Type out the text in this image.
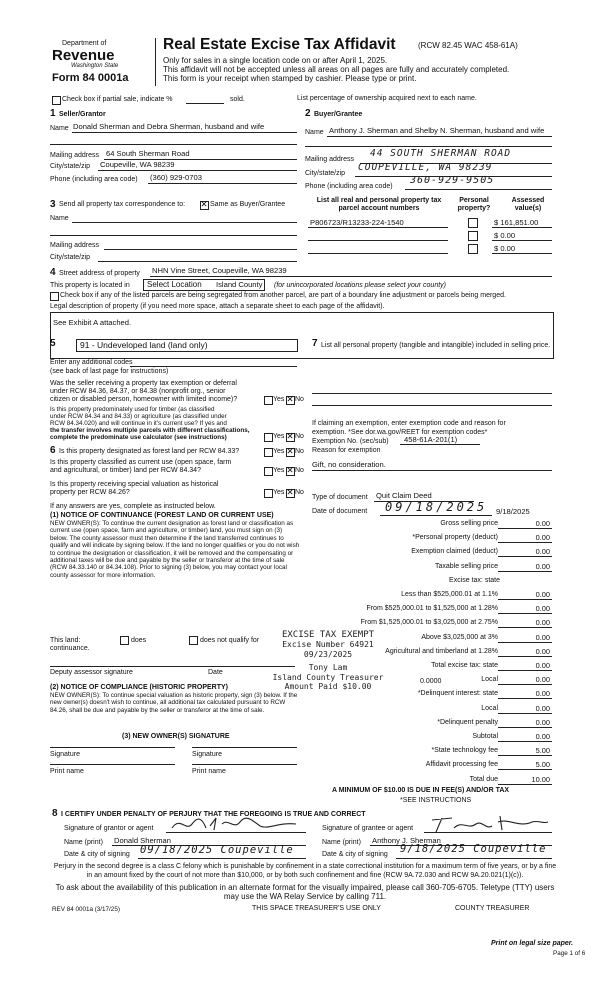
Department of
Revenue
Washington State
Form 84 0001a
Real Estate Excise Tax Affidavit	(RCW 82.45 WAC 458-61A)
Only for sales in a single location code on or after April 1, 2025.
This affidavit will not be accepted unless all areas on all pages are fully and accurately completed.
This form is your receipt when stamped by cashier. Please type or print.
Check box if partial sale, indicate %	sold.	List percentage of ownership acquired next to each name.
1 Seller/Grantor
Name Donald Sherman and Debra Sherman, husband and wife
Mailing address 64 South Sherman Road
City/state/zip Coupeville, WA 98239
Phone (including area code) (360) 929-0703
2 Buyer/Grantee
Name Anthony J. Sherman and Shelby N. Sherman, husband and wife
Mailing address
44 SOUTH SHERMAN ROAD
City/state/zip
COUPEVILLE, WA 98239
Phone (including area code)
360-929-9505
3 Send all property tax correspondence to: ✕	Same as Buyer/Grantee
Name
Mailing address
City/state/zip
List all real and personal property tax parcel account numbers
Personal property?
Assessed value(s)
P806723/R13233-224-1540	$ 161,851.00
$ 0.00
$ 0.00
4 Street address of property NHN Vine Street, Coupeville, WA 98239
This property is located in Select Location Island County (for unincorporated locations please select your county)
Check box if any of the listed parcels are being segregated from another parcel, are part of a boundary line adjustment or parcels being merged.
Legal description of property (if you need more space, attach a separate sheet to each page of the affidavit).
See Exhibit A attached.
5	91 - Undeveloped land (land only)
Enter any additional codes
(see back of last page for instructions)
Was the seller receiving a property tax exemption or deferral
under RCW 84.36, 84.37, or 84.38 (nonprofit org., senior
citizen or disabled person, homeowner with limited income)?	Yes ✕ No
Is this property predominately used for timber (as classified
under RCW 84.34 and 84.33) or agriculture (as classified under
RCW 84.34.020) and will continue in it's current use? If yes and
the transfer involves multiple parcels with different classifications,
complete the predominate use calculator (see instructions)	Yes ✕ No
6 Is this property designated as forest land per RCW 84.33?	Yes ✕ No
Is this property classified as current use (open space, farm
and agricultural, or timber) land per RCW 84.34?	Yes ✕ No
Is this property receiving special valuation as historical
property per RCW 84.26?	Yes ✕ No
If any answers are yes, complete as instructed below.
(1) NOTICE OF CONTINUANCE (FOREST LAND OR CURRENT USE)
NEW OWNER(S): To continue the current designation as forest land or classification as current use (open space, farm and agriculture, or timber) land, you must sign on (3) below. The county assessor must then determine if the land transferred continues to qualify and will indicate by signing below. If the land no longer qualifies or you do not wish to continue the designation or classification, it will be removed and the compensating or additional taxes will be due and payable by the seller or transferor at the time of sale (RCW 84.33.140 or 84.34.108). Prior to signing (3) below, you may contact your local county assessor for more information.
This land:
continuance.
does	does not qualify for
Deputy assessor signature	Date
(2) NOTICE OF COMPLIANCE (HISTORIC PROPERTY)
NEW OWNER(S): To continue special valuation as historic property, sign (3) below. If the new owner(s) doesn't wish to continue, all additional tax calculated pursuant to RCW 84.26, shall be due and payable by the seller or transferor at the time of sale.
(3) NEW OWNER(S) SIGNATURE
Signature	Signature
Print name	Print name
EXCISE TAX EXEMPT
Excise Number 64921
09/23/2025
Tony Lam
Island County Treasurer
Amount Paid $10.00
7 List all personal property (tangible and intangible) included in selling price.
If claiming an exemption, enter exemption code and reason for
exemption. *See dor.wa.gov/REET for exemption codes*
Exemption No. (sec/sub) 458-61A-201(1)
Reason for exemption
Gift, no consideration.
Type of document Quit Claim Deed
Date of document 09/18/2025 9/18/2025
Gross selling price	0.00
*Personal property (deduct)	0.00
Exemption claimed (deduct)	0.00
Taxable selling price	0.00
Excise tax: state
Less than $525,000.01 at 1.1%	0.00
From $525,000.01 to $1,525,000 at 1.28%	0.00
From $1,525,000.01 to $3,025,000 at 2.75%	0.00
Above $3,025,000 at 3%	0.00
Agricultural and timberland at 1.28%	0.00
Total excise tax: state	0.00
Local	0.00
*Delinquent interest: state	0.00
Local	0.00
*Delinquent penalty	0.00
Subtotal	0.00
*State technology fee	5.00
Affidavit processing fee	5.00
Total due	10.00
0.0000
A MINIMUM OF $10.00 IS DUE IN FEE(S) AND/OR TAX
*SEE INSTRUCTIONS
8 I CERTIFY UNDER PENALTY OF PERJURY THAT THE FOREGOING IS TRUE AND CORRECT
Signature of grantor or agent	Signature of grantee or agent
Name (print) Donald Sherman	Name (print) Anthony J. Sherman
Date & city of signing 09/18/2025 Coupeville	Date & city of signing 9/18/2025 Coupeville
Perjury in the second degree is a class C felony which is punishable by confinement in a state correctional institution for a maximum term of five years, or by a fine in an amount fixed by the court of not more than $10,000, or by both such confinement and fine (RCW 9A.72.030 and RCW 9A.20.021(1)(c)).
To ask about the availability of this publication in an alternate format for the visually impaired, please call 360-705-6705. Teletype (TTY) users may use the WA Relay Service by calling 711.
REV 84 0001a (3/17/25)	THIS SPACE TREASURER'S USE ONLY	COUNTY TREASURER
Print on legal size paper.
Page 1 of 6
